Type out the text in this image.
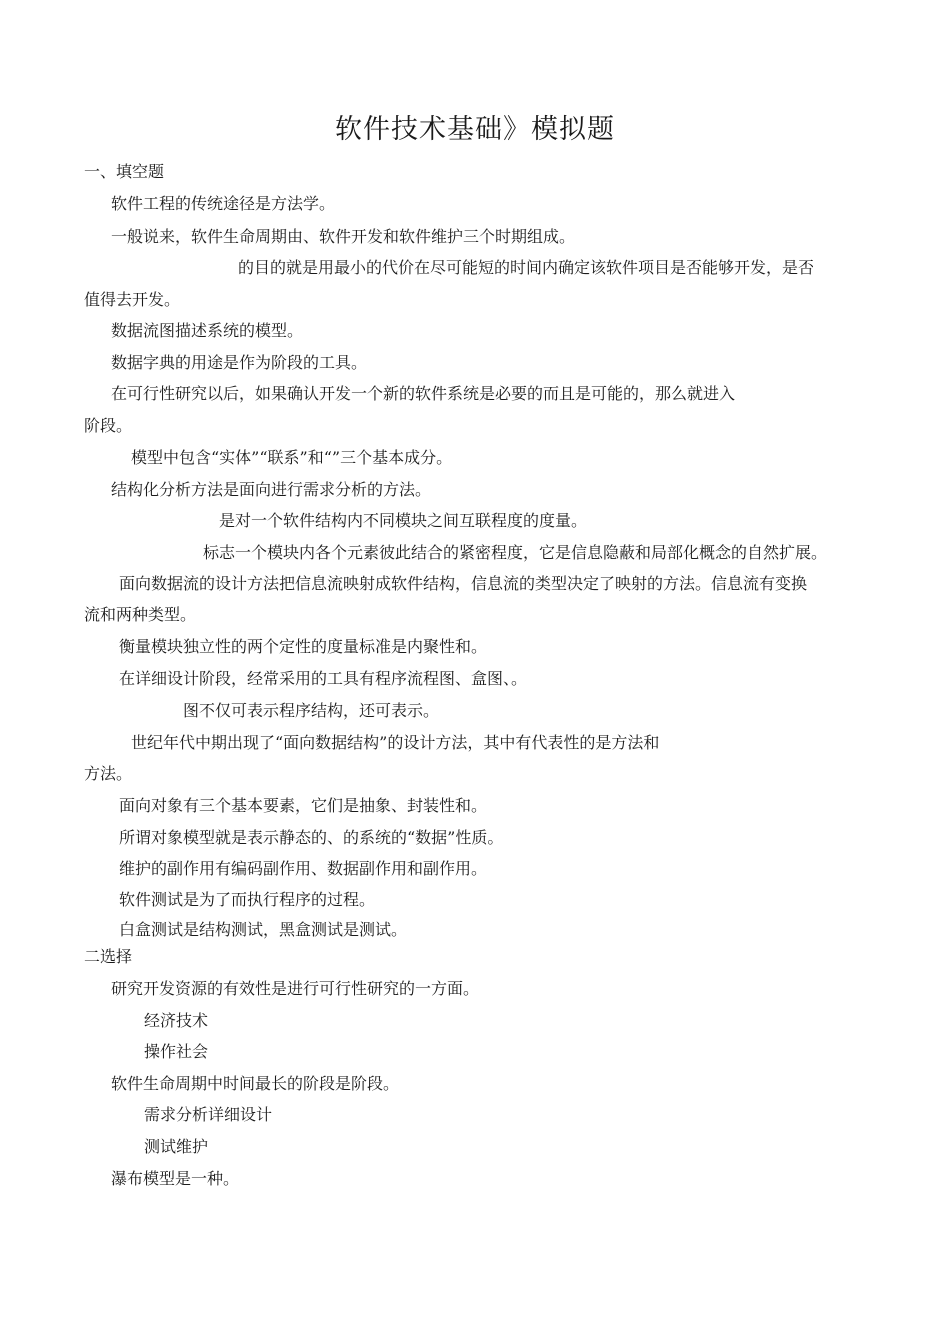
软件技术基础》模拟题
一、填空题
软件工程的传统途径是方法学。
一般说来，软件生命周期由、软件开发和软件维护三个时期组成。
的目的就是用最小的代价在尽可能短的时间内确定该软件项目是否能够开发，是否
值得去开发。
数据流图描述系统的模型。
数据字典的用途是作为阶段的工具。
在可行性研究以后，如果确认开发一个新的软件系统是必要的而且是可能的，那么就进入
阶段。
模型中包含“实体”“联系”和“”三个基本成分。
结构化分析方法是面向进行需求分析的方法。
是对一个软件结构内不同模块之间互联程度的度量。
标志一个模块内各个元素彼此结合的紧密程度，它是信息隐蔽和局部化概念的自然扩展。
面向数据流的设计方法把信息流映射成软件结构，信息流的类型决定了映射的方法。信息流有变换
流和两种类型。
衡量模块独立性的两个定性的度量标准是内聚性和。
在详细设计阶段，经常采用的工具有程序流程图、盒图、。
图不仅可表示程序结构，还可表示。
世纪年代中期出现了“面向数据结构”的设计方法，其中有代表性的是方法和
方法。
面向对象有三个基本要素，它们是抽象、封装性和。
所谓对象模型就是表示静态的、的系统的“数据”性质。
维护的副作用有编码副作用、数据副作用和副作用。
软件测试是为了而执行程序的过程。
白盒测试是结构测试，黑盒测试是测试。
二选择
研究开发资源的有效性是进行可行性研究的一方面。
经济技术
操作社会
软件生命周期中时间最长的阶段是阶段。
需求分析详细设计
测试维护
瀑布模型是一种。
